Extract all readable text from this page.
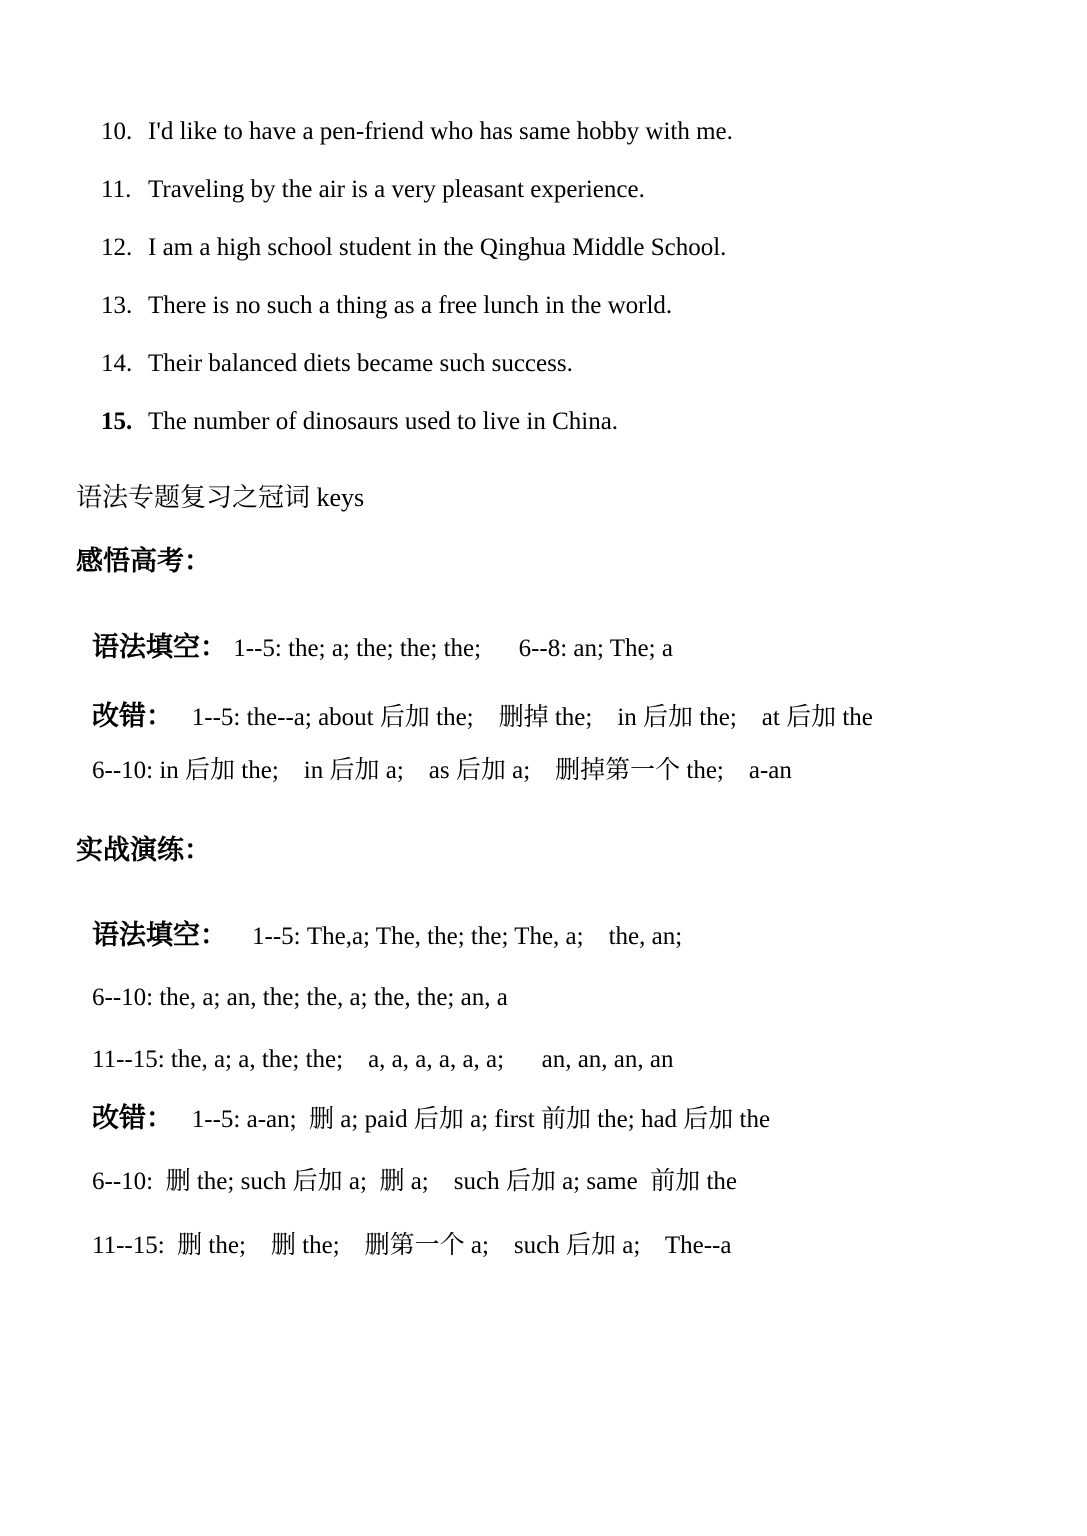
10. I'd like to have a pen-friend who has same hobby with me.

11. Traveling by the air is a very pleasant experience.

12. I am a high school student in the Qinghua Middle School.

13. There is no such a thing as a free lunch in the world.

14. Their balanced diets became such success.

15. The number of dinosaurs used to live in China.

语法专题复习之冠词 keys
感悟高考：

语法填空： 1--5: the; a; the; the; the;      6--8: an; The; a

改错：   1--5: the--a; about 后加 the;    删掉 the;    in 后加 the;    at 后加 the

6--10: in 后加 the;    in 后加 a;    as 后加 a;    删掉第一个 the;    a-an

实战演练：

语法填空：    1--5: The,a; The, the; the; The, a;    the, an;

6--10: the, a; an, the; the, a; the, the; an, a

11--15: the, a; a, the; the;    a, a, a, a, a, a;      an, an, an, an

改错：   1--5: a-an;  删 a; paid 后加 a; first 前加 the; had 后加 the

6--10:  删 the; such 后加 a;  删 a;    such 后加 a; same  前加 the

11--15:  删 the;    删 the;    删第一个 a;    such 后加 a;    The--a
